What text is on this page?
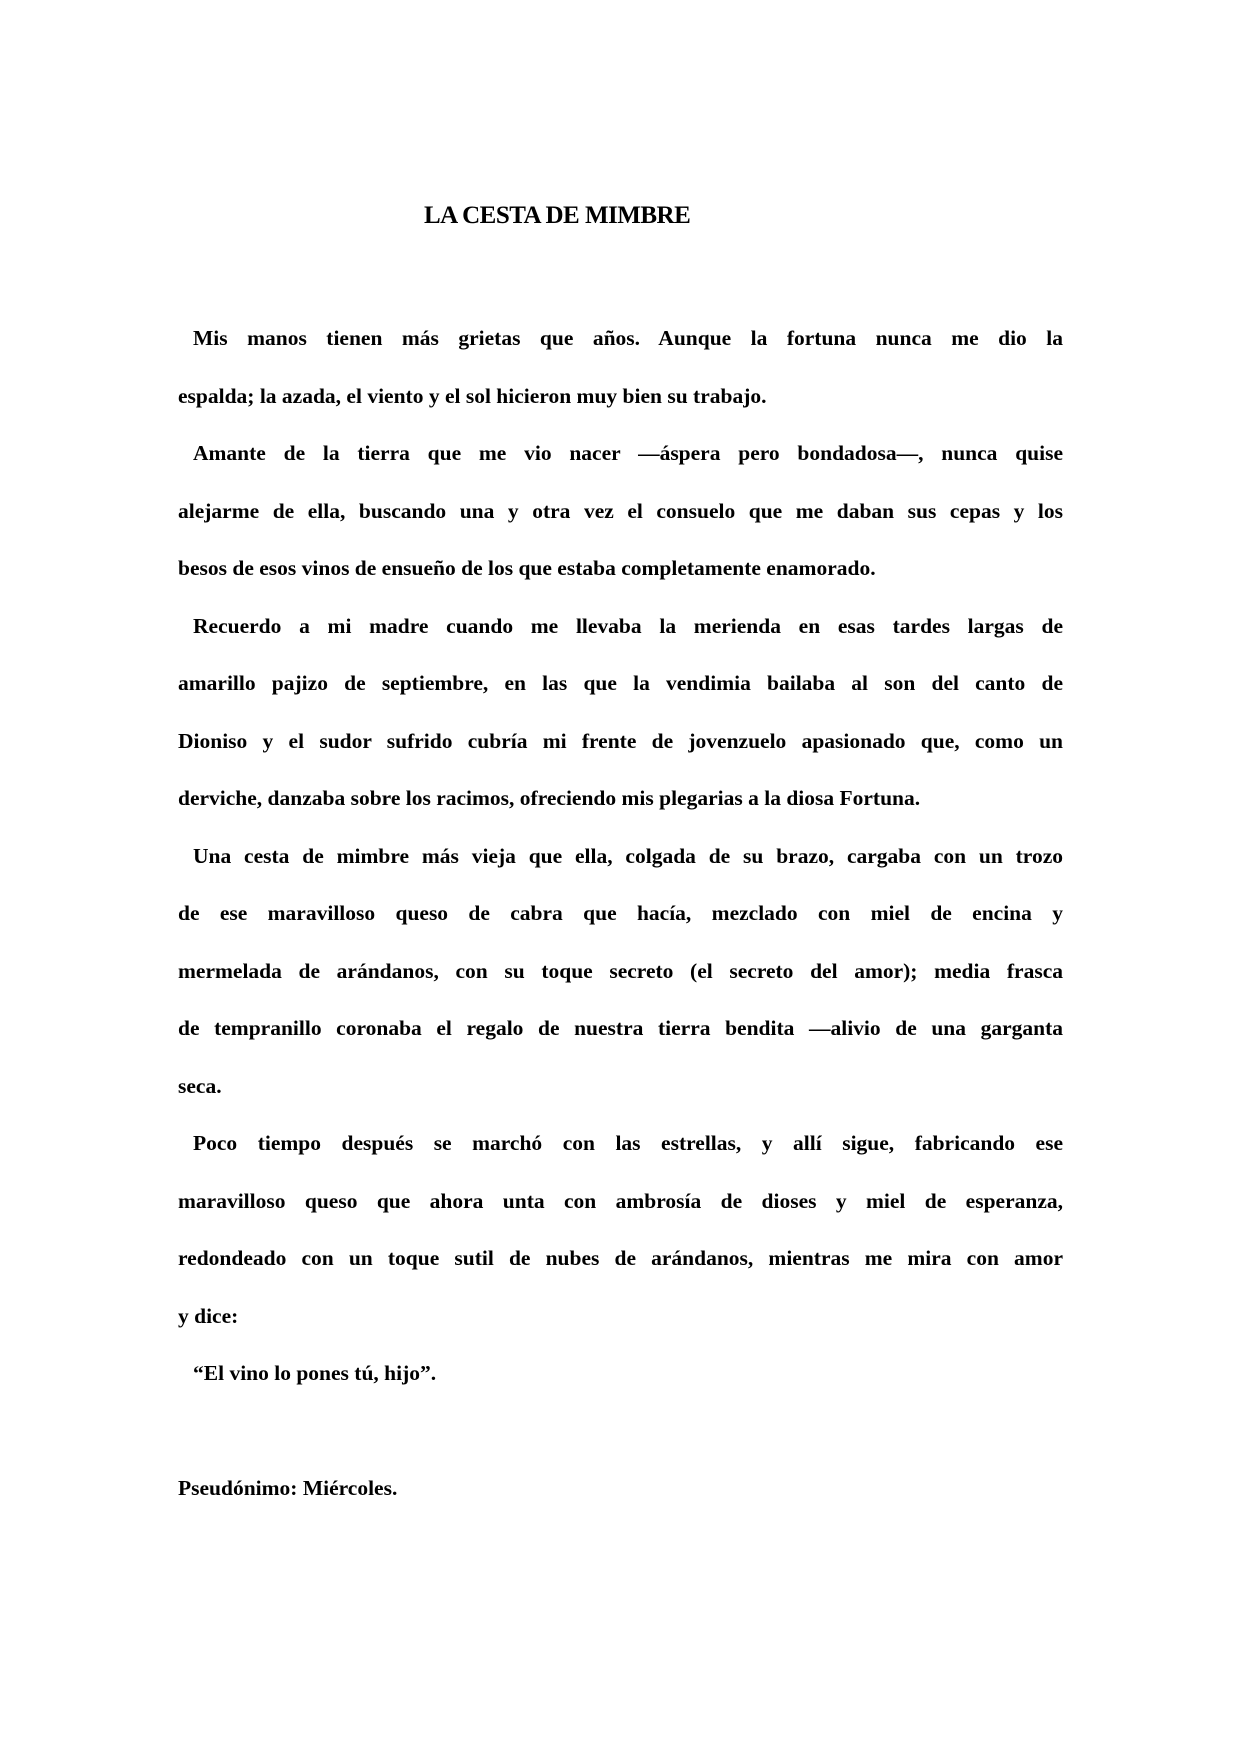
LA CESTA DE MIMBRE
Mis manos tienen más grietas que años. Aunque la fortuna nunca me dio la
espalda; la azada, el viento y el sol hicieron muy bien su trabajo.
Amante de la tierra que me vio nacer —áspera pero bondadosa—, nunca quise
alejarme de ella, buscando una y otra vez el consuelo que me daban sus cepas y los
besos de esos vinos de ensueño de los que estaba completamente enamorado.
Recuerdo a mi madre cuando me llevaba la merienda en esas tardes largas de
amarillo pajizo de septiembre, en las que la vendimia bailaba al son del canto de
Dioniso y el sudor sufrido cubría mi frente de jovenzuelo apasionado que, como un
derviche, danzaba sobre los racimos, ofreciendo mis plegarias a la diosa Fortuna.
Una cesta de mimbre más vieja que ella, colgada de su brazo, cargaba con un trozo
de ese maravilloso queso de cabra que hacía, mezclado con miel de encina y
mermelada de arándanos, con su toque secreto (el secreto del amor); media frasca
de tempranillo coronaba el regalo de nuestra tierra bendita —alivio de una garganta
seca.
Poco tiempo después se marchó con las estrellas, y allí sigue, fabricando ese
maravilloso queso que ahora unta con ambrosía de dioses y miel de esperanza,
redondeado con un toque sutil de nubes de arándanos, mientras me mira con amor
y dice:
“El vino lo pones tú, hijo”.
Pseudónimo: Miércoles.
